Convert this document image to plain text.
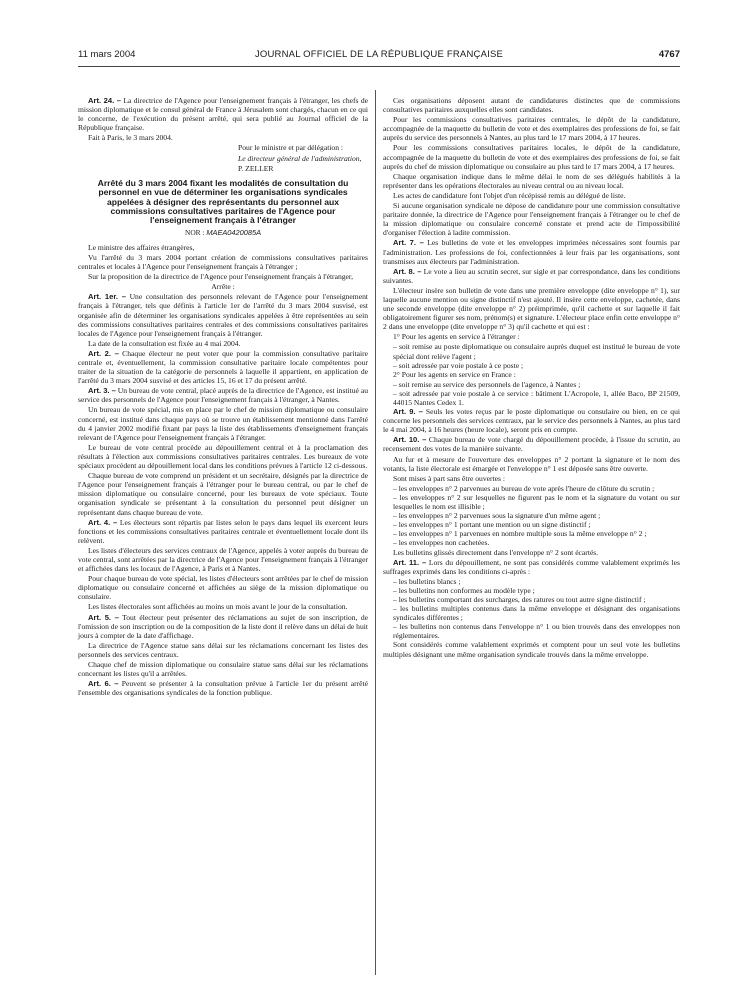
11 mars 2004	JOURNAL OFFICIEL DE LA RÉPUBLIQUE FRANÇAISE	4767

Art. 24. – La directrice de l'Agence pour l'enseignement français à l'étranger, les chefs de mission diplomatique et le consul général de France à Jérusalem sont chargés, chacun en ce qui le concerne, de l'exécution du présent arrêté, qui sera publié au Journal officiel de la République française.

Fait à Paris, le 3 mars 2004.

Pour le ministre et par délégation :

Le directeur général de l'administration,

P. ZELLER

Arrêté du 3 mars 2004 fixant les modalités de consultation du personnel en vue de déterminer les organisations syndicales appelées à désigner des représentants du personnel aux commissions consultatives paritaires de l'Agence pour l'enseignement français à l'étranger

NOR : MAEA0420085A

Le ministre des affaires étrangères,

Vu l'arrêté du 3 mars 2004 portant création de commissions consultatives paritaires centrales et locales à l'Agence pour l'enseignement français à l'étranger ;

Sur la proposition de la directrice de l'Agence pour l'enseignement français à l'étranger,

Arrête :

Art. 1er. – Une consultation des personnels relevant de l'Agence pour l'enseignement français à l'étranger, tels que définis à l'article 1er de l'arrêté du 3 mars 2004 susvisé, est organisée afin de déterminer les organisations syndicales appelées à être représentées au sein des commissions consultatives paritaires centrales et des commissions consultatives paritaires locales de l'Agence pour l'enseignement français à l'étranger.

La date de la consultation est fixée au 4 mai 2004.

Art. 2. – Chaque électeur ne peut voter que pour la commission consultative paritaire centrale et, éventuellement, la commission consultative paritaire locale compétentes pour traiter de la situation de la catégorie de personnels à laquelle il appartient, en application de l'arrêté du 3 mars 2004 susvisé et des articles 15, 16 et 17 du présent arrêté.

Art. 3. – Un bureau de vote central, placé auprès de la directrice de l'Agence, est institué au service des personnels de l'Agence pour l'enseignement français à l'étranger, à Nantes.

Un bureau de vote spécial, mis en place par le chef de mission diplomatique ou consulaire concerné, est institué dans chaque pays où se trouve un établissement mentionné dans l'arrêté du 4 janvier 2002 modifié fixant par pays la liste des établissements d'enseignement français relevant de l'Agence pour l'enseignement français à l'étranger.

Le bureau de vote central procède au dépouillement central et à la proclamation des résultats à l'élection aux commissions consultatives paritaires centrales. Les bureaux de vote spéciaux procèdent au dépouillement local dans les conditions prévues à l'article 12 ci-dessous.

Chaque bureau de vote comprend un président et un secrétaire, désignés par la directrice de l'Agence pour l'enseignement français à l'étranger pour le bureau central, ou par le chef de mission diplomatique ou consulaire concerné, pour les bureaux de vote spéciaux. Toute organisation syndicale se présentant à la consultation du personnel peut désigner un représentant dans chaque bureau de vote.

Art. 4. – Les électeurs sont répartis par listes selon le pays dans lequel ils exercent leurs fonctions et les commissions consultatives paritaires centrale et éventuellement locale dont ils relèvent.

Les listes d'électeurs des services centraux de l'Agence, appelés à voter auprès du bureau de vote central, sont arrêtées par la directrice de l'Agence pour l'enseignement français à l'étranger et affichées dans les locaux de l'Agence, à Paris et à Nantes.

Pour chaque bureau de vote spécial, les listes d'électeurs sont arrêtées par le chef de mission diplomatique ou consulaire concerné et affichées au siège de la mission diplomatique ou consulaire.

Les listes électorales sont affichées au moins un mois avant le jour de la consultation.

Art. 5. – Tout électeur peut présenter des réclamations au sujet de son inscription, de l'omission de son inscription ou de la composition de la liste dont il relève dans un délai de huit jours à compter de la date d'affichage.

La directrice de l'Agence statue sans délai sur les réclamations concernant les listes des personnels des services centraux.

Chaque chef de mission diplomatique ou consulaire statue sans délai sur les réclamations concernant les listes qu'il a arrêtées.

Art. 6. – Peuvent se présenter à la consultation prévue à l'article 1er du présent arrêté l'ensemble des organisations syndicales de la fonction publique.

Ces organisations déposent autant de candidatures distinctes que de commissions consultatives paritaires auxquelles elles sont candidates.

Pour les commissions consultatives paritaires centrales, le dépôt de la candidature, accompagnée de la maquette du bulletin de vote et des exemplaires des professions de foi, se fait auprès du service des personnels à Nantes, au plus tard le 17 mars 2004, à 17 heures.

Pour les commissions consultatives paritaires locales, le dépôt de la candidature, accompagnée de la maquette du bulletin de vote et des exemplaires des professions de foi, se fait auprès du chef de mission diplomatique ou consulaire au plus tard le 17 mars 2004, à 17 heures.

Chaque organisation indique dans le même délai le nom de ses délégués habilités à la représenter dans les opérations électorales au niveau central ou au niveau local.

Les actes de candidature font l'objet d'un récépissé remis au délégué de liste.

Si aucune organisation syndicale ne dépose de candidature pour une commission consultative paritaire donnée, la directrice de l'Agence pour l'enseignement français à l'étranger ou le chef de la mission diplomatique ou consulaire concerné constate et prend acte de l'impossibilité d'organiser l'élection à ladite commission.

Art. 7. – Les bulletins de vote et les enveloppes imprimées nécessaires sont fournis par l'administration. Les professions de foi, confectionnées à leur frais par les organisations, sont transmises aux électeurs par l'administration.

Art. 8. – Le vote a lieu au scrutin secret, sur sigle et par correspondance, dans les conditions suivantes.

L'électeur insère son bulletin de vote dans une première enveloppe (dite enveloppe n° 1), sur laquelle aucune mention ou signe distinctif n'est ajouté. Il insère cette enveloppe, cachetée, dans une seconde enveloppe (dite enveloppe n° 2) préimprimée, qu'il cachette et sur laquelle il fait obligatoirement figurer ses nom, prénom(s) et signature. L'électeur place enfin cette enveloppe n° 2 dans une enveloppe (dite enveloppe n° 3) qu'il cachette et qui est :

1° Pour les agents en service à l'étranger :

– soit remise au poste diplomatique ou consulaire auprès duquel est institué le bureau de vote spécial dont relève l'agent ;
– soit adressée par voie postale à ce poste ;

2° Pour les agents en service en France :

– soit remise au service des personnels de l'agence, à Nantes ;
– soit adressée par voie postale à ce service : bâtiment L'Acropole, 1, allée Baco, BP 21509, 44015 Nantes Cedex 1.

Art. 9. – Seuls les votes reçus par le poste diplomatique ou consulaire ou bien, en ce qui concerne les personnels des services centraux, par le service des personnels à Nantes, au plus tard le 4 mai 2004, à 16 heures (heure locale), seront pris en compte.

Art. 10. – Chaque bureau de vote chargé du dépouillement procède, à l'issue du scrutin, au recensement des votes de la manière suivante.

Au fur et à mesure de l'ouverture des enveloppes n° 2 portant la signature et le nom des votants, la liste électorale est émargée et l'enveloppe n° 1 est déposée sans être ouverte.

Sont mises à part sans être ouvertes :

– les enveloppes n° 2 parvenues au bureau de vote après l'heure de clôture du scrutin ;
– les enveloppes n° 2 sur lesquelles ne figurent pas le nom et la signature du votant ou sur lesquelles le nom est illisible ;
– les enveloppes n° 2 parvenues sous la signature d'un même agent ;
– les enveloppes n° 1 portant une mention ou un signe distinctif ;
– les enveloppes n° 1 parvenues en nombre multiple sous la même enveloppe n° 2 ;
– les enveloppes non cachetées.

Les bulletins glissés directement dans l'enveloppe n° 2 sont écartés.

Art. 11. – Lors du dépouillement, ne sont pas considérés comme valablement exprimés les suffrages exprimés dans les conditions ci-après :

– les bulletins blancs ;
– les bulletins non conformes au modèle type ;
– les bulletins comportant des surcharges, des ratures ou tout autre signe distinctif ;
– les bulletins multiples contenus dans la même enveloppe et désignant des organisations syndicales différentes ;
– les bulletins non contenus dans l'enveloppe n° 1 ou bien trouvés dans des enveloppes non réglementaires.

Sont considérés comme valablement exprimés et comptent pour un seul vote les bulletins multiples désignant une même organisation syndicale trouvés dans la même enveloppe.
